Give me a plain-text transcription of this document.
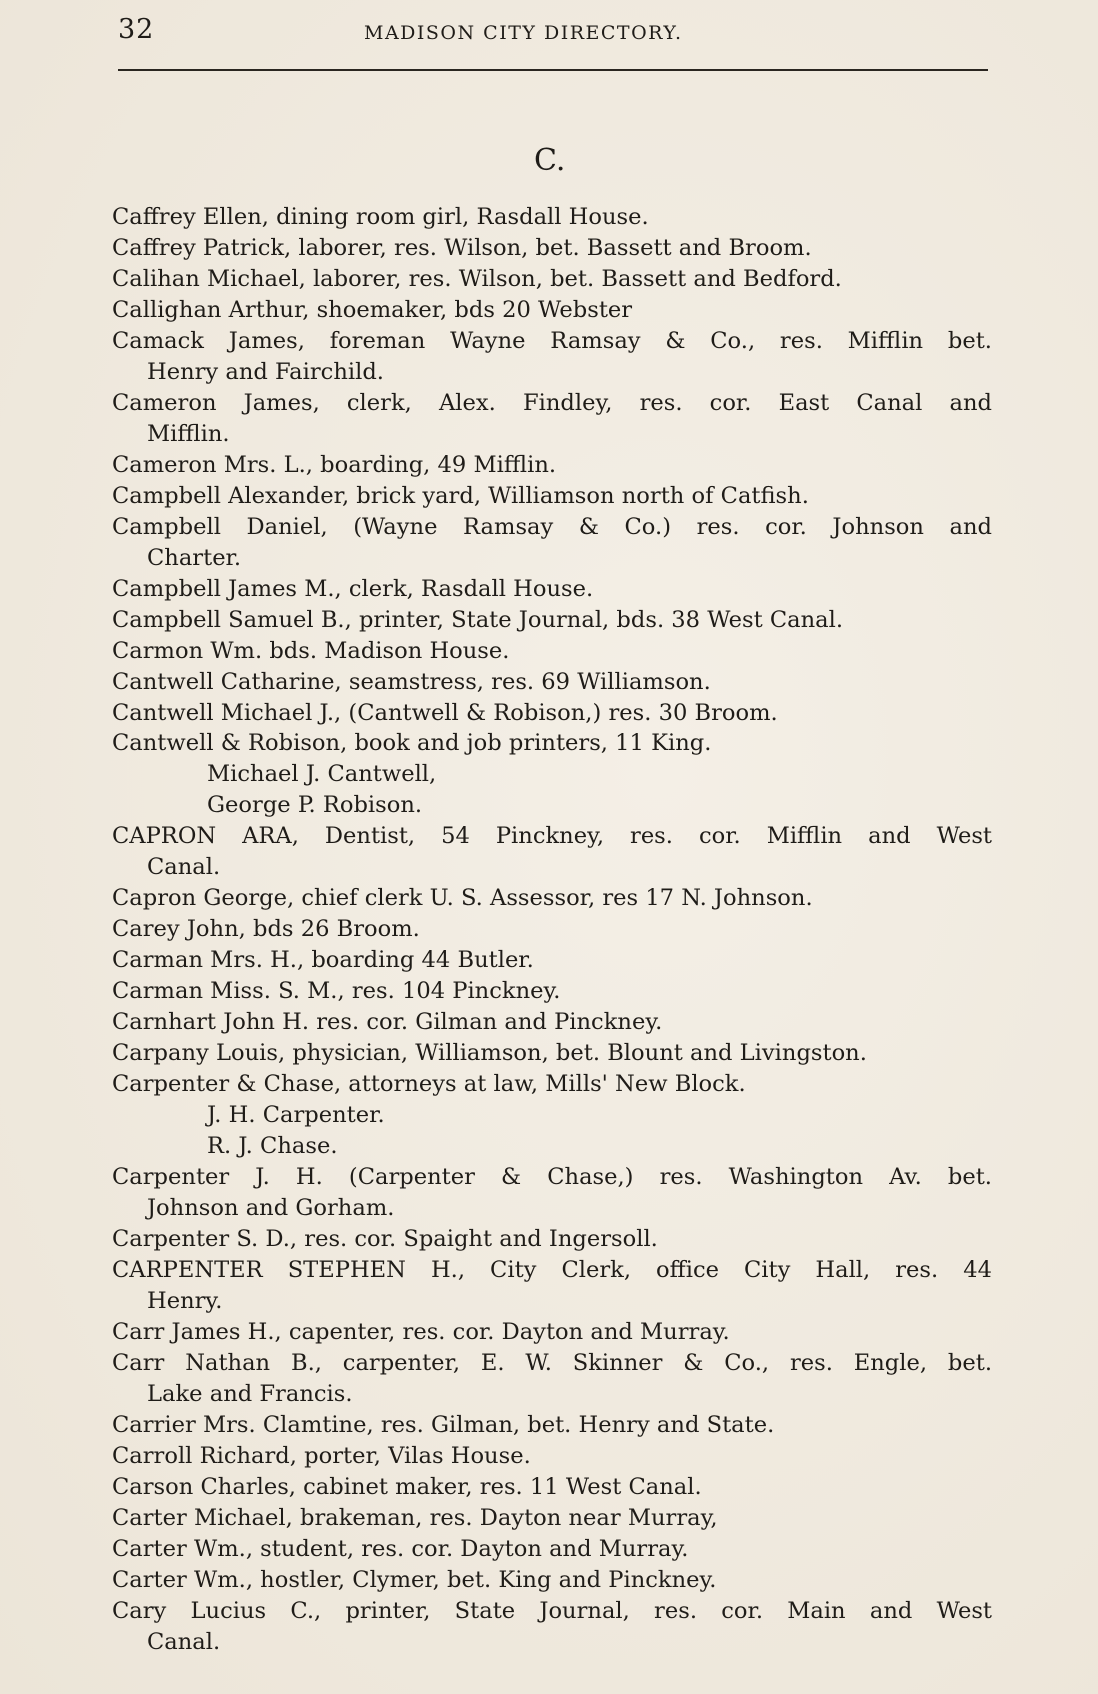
32	MADISON CITY DIRECTORY.
C.
Caffrey Ellen, dining room girl, Rasdall House.
Caffrey Patrick, laborer, res. Wilson, bet. Bassett and Broom.
Calihan Michael, laborer, res. Wilson, bet. Bassett and Bedford.
Callighan Arthur, shoemaker, bds 20 Webster
Camack James, foreman Wayne Ramsay & Co., res. Mifflin bet.
Henry and Fairchild.
Cameron James, clerk, Alex. Findley, res. cor. East Canal and
Mifflin.
Cameron Mrs. L., boarding, 49 Mifflin.
Campbell Alexander, brick yard, Williamson north of Catfish.
Campbell Daniel, (Wayne Ramsay & Co.) res. cor. Johnson and
Charter.
Campbell James M., clerk, Rasdall House.
Campbell Samuel B., printer, State Journal, bds. 38 West Canal.
Carmon Wm. bds. Madison House.
Cantwell Catharine, seamstress, res. 69 Williamson.
Cantwell Michael J., (Cantwell & Robison,) res. 30 Broom.
Cantwell & Robison, book and job printers, 11 King.
Michael J. Cantwell,
George P. Robison.
CAPRON ARA, Dentist, 54 Pinckney, res. cor. Mifflin and West
Canal.
Capron George, chief clerk U. S. Assessor, res 17 N. Johnson.
Carey John, bds 26 Broom.
Carman Mrs. H., boarding 44 Butler.
Carman Miss. S. M., res. 104 Pinckney.
Carnhart John H. res. cor. Gilman and Pinckney.
Carpany Louis, physician, Williamson, bet. Blount and Livingston.
Carpenter & Chase, attorneys at law, Mills' New Block.
J. H. Carpenter.
R. J. Chase.
Carpenter J. H. (Carpenter & Chase,) res. Washington Av. bet.
Johnson and Gorham.
Carpenter S. D., res. cor. Spaight and Ingersoll.
CARPENTER STEPHEN H., City Clerk, office City Hall, res. 44
Henry.
Carr James H., capenter, res. cor. Dayton and Murray.
Carr Nathan B., carpenter, E. W. Skinner & Co., res. Engle, bet.
Lake and Francis.
Carrier Mrs. Clamtine, res. Gilman, bet. Henry and State.
Carroll Richard, porter, Vilas House.
Carson Charles, cabinet maker, res. 11 West Canal.
Carter Michael, brakeman, res. Dayton near Murray,
Carter Wm., student, res. cor. Dayton and Murray.
Carter Wm., hostler, Clymer, bet. King and Pinckney.
Cary Lucius C., printer, State Journal, res. cor. Main and West
Canal.
